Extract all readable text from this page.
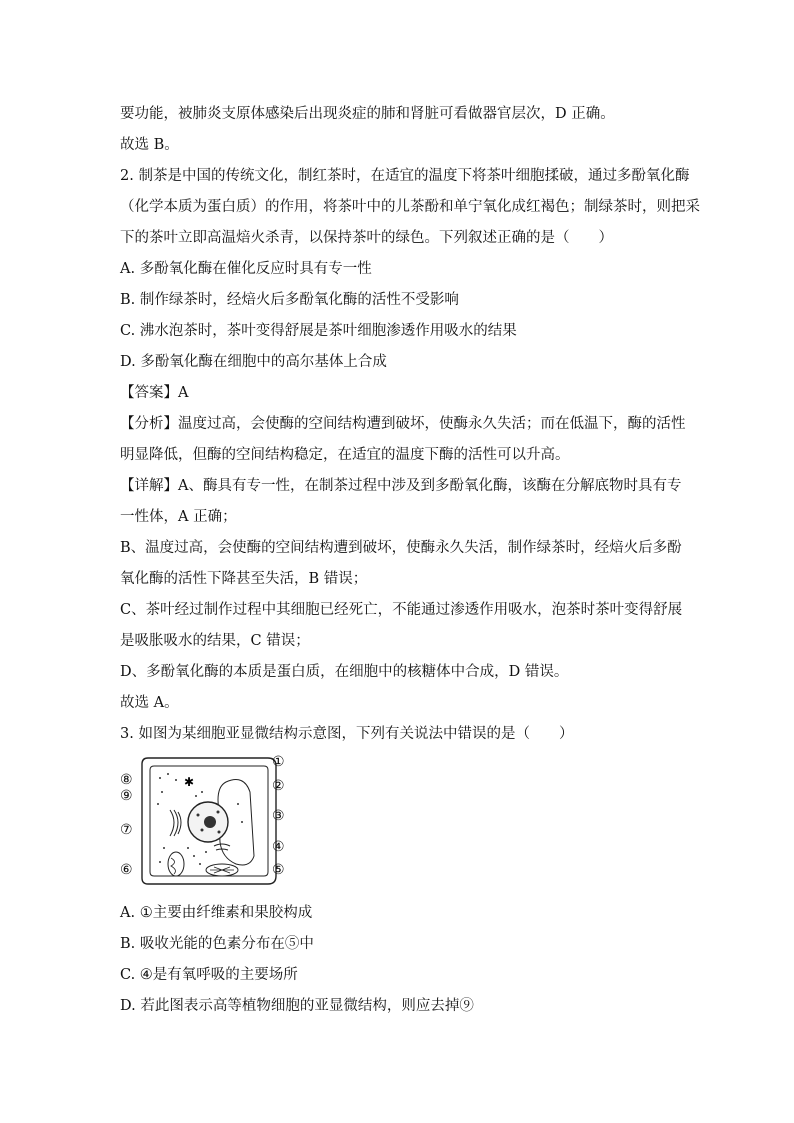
要功能，被肺炎支原体感染后出现炎症的肺和肾脏可看做器官层次，D 正确。
故选 B。
2. 制茶是中国的传统文化，制红茶时，在适宜的温度下将茶叶细胞揉破，通过多酚氧化酶
（化学本质为蛋白质）的作用，将茶叶中的儿茶酚和单宁氧化成红褐色；制绿茶时，则把采
下的茶叶立即高温焙火杀青，以保持茶叶的绿色。下列叙述正确的是（　　）
A. 多酚氧化酶在催化反应时具有专一性
B. 制作绿茶时，经焙火后多酚氧化酶的活性不受影响
C. 沸水泡茶时，茶叶变得舒展是茶叶细胞渗透作用吸水的结果
D. 多酚氧化酶在细胞中的高尔基体上合成
【答案】A
【分析】温度过高，会使酶的空间结构遭到破坏，使酶永久失活；而在低温下，酶的活性
明显降低，但酶的空间结构稳定，在适宜的温度下酶的活性可以升高。
【详解】A、酶具有专一性，在制茶过程中涉及到多酚氧化酶，该酶在分解底物时具有专
一性体，A 正确；
B、温度过高，会使酶的空间结构遭到破坏，使酶永久失活，制作绿茶时，经焙火后多酚
氧化酶的活性下降甚至失活，B 错误；
C、茶叶经过制作过程中其细胞已经死亡，不能通过渗透作用吸水，泡茶时茶叶变得舒展
是吸胀吸水的结果，C 错误；
D、多酚氧化酶的本质是蛋白质，在细胞中的核糖体中合成，D 错误。
故选 A。
3. 如图为某细胞亚显微结构示意图，下列有关说法中错误的是（　　）
✱
①
②
③
④
⑤
⑥
⑦
⑧
⑨
A. ①主要由纤维素和果胶构成
B. 吸收光能的色素分布在⑤中
C. ④是有氧呼吸的主要场所
D. 若此图表示高等植物细胞的亚显微结构，则应去掉⑨
